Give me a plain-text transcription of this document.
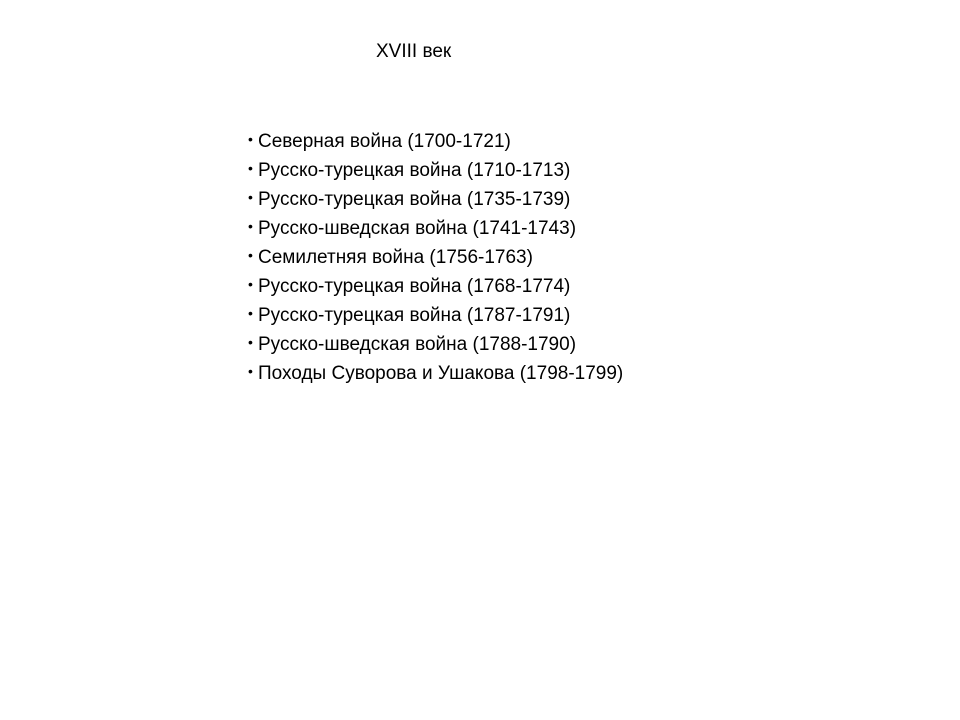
XVIII век
• Северная война (1700-1721)
• Русско-турецкая война (1710-1713)
• Русско-турецкая война (1735-1739)
• Русско-шведская война (1741-1743)
• Семилетняя война (1756-1763)
• Русско-турецкая война (1768-1774)
• Русско-турецкая война (1787-1791)
• Русско-шведская война (1788-1790)
• Походы Суворова и Ушакова (1798-1799)
